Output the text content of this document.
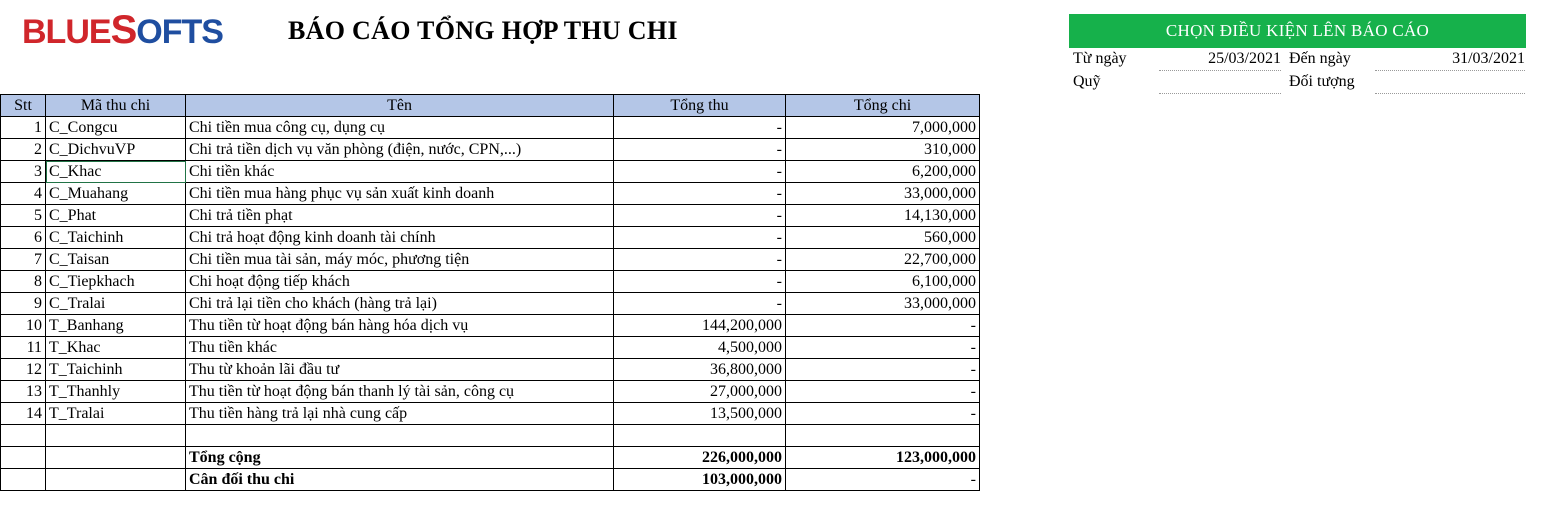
BLUESOFTS	BÁO CÁO TỔNG HỢP THU CHI	CHỌN ĐIỀU KIỆN LÊN BÁO CÁO
Từ ngày	25/03/2021 Đến ngày	31/03/2021
Quỹ	Đối tượng
Stt	Mã thu chi	Tên	Tổng thu	Tổng chi
1	C_Congcu	Chi tiền mua công cụ, dụng cụ	-	7,000,000
2	C_DichvuVP	Chi trả tiền dịch vụ văn phòng (điện, nước, CPN,...)	-	310,000
3	C_Khac	Chi tiền khác	-	6,200,000
4	C_Muahang	Chi tiền mua hàng phục vụ sản xuất kinh doanh	-	33,000,000
5	C_Phat	Chi trả tiền phạt	-	14,130,000
6	C_Taichinh	Chi trả hoạt động kinh doanh tài chính	-	560,000
7	C_Taisan	Chi tiền mua tài sản, máy móc, phương tiện	-	22,700,000
8	C_Tiepkhach	Chi hoạt động tiếp khách	-	6,100,000
9	C_Tralai	Chi trả lại tiền cho khách (hàng trả lại)	-	33,000,000
10	T_Banhang	Thu tiền từ hoạt động bán hàng hóa dịch vụ	144,200,000	-
11	T_Khac	Thu tiền khác	4,500,000	-
12	T_Taichinh	Thu từ khoản lãi đầu tư	36,800,000	-
13	T_Thanhly	Thu tiền từ hoạt động bán thanh lý tài sản, công cụ	27,000,000	-
14	T_Tralai	Thu tiền hàng trả lại nhà cung cấp	13,500,000	-

		Tổng cộng	226,000,000	123,000,000
		Cân đối thu chi	103,000,000	-
